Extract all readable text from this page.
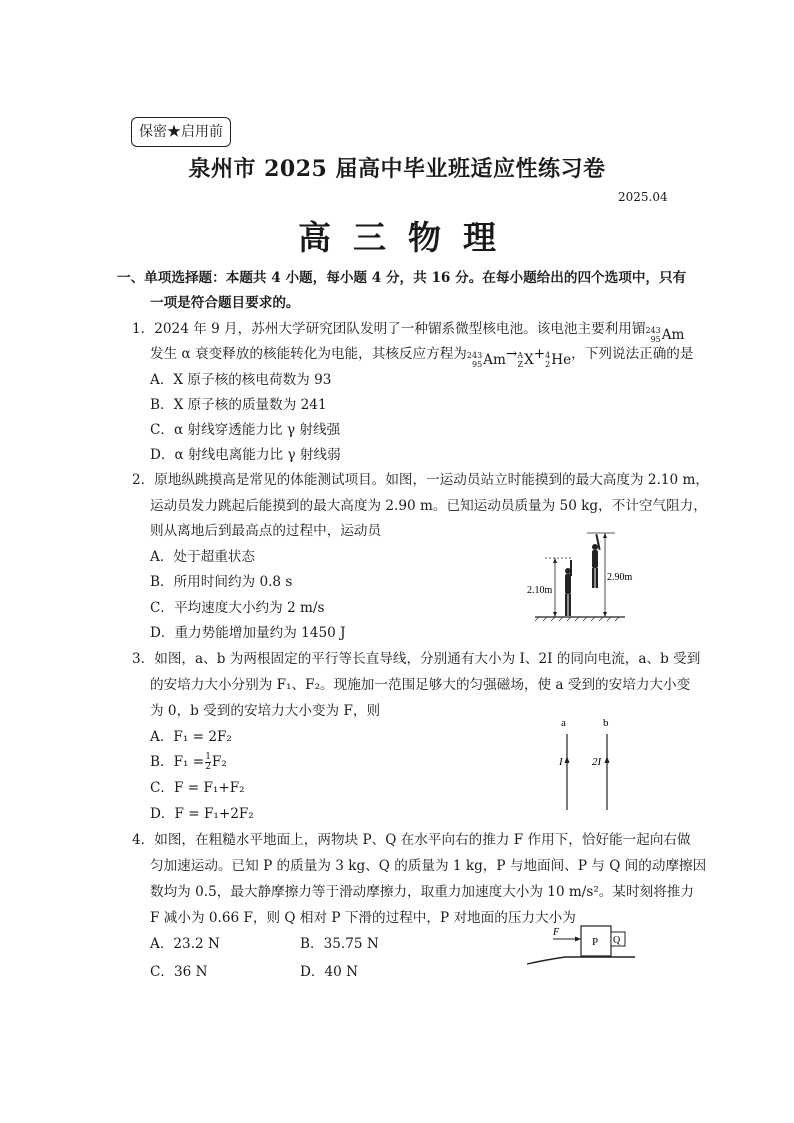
保密★启用前
泉州市 2025 届高中毕业班适应性练习卷
2025.04
高三物理
一、单项选择题：本题共 4 小题，每小题 4 分，共 16 分。在每小题给出的四个选项中，只有
一项是符合题目要求的。
1．2024 年 9 月，苏州大学研究团队发明了一种镅系微型核电池。该电池主要利用镅 243
95 Am
发生 α 衰变释放的核能转化为电能，其核反应方程为 243
95 Am → A
Z X + 4
2 He ，下列说法正确的是
A．X 原子核的核电荷数为 93
B．X 原子核的质量数为 241
C．α 射线穿透能力比 γ 射线强
D．α 射线电离能力比 γ 射线弱
2．原地纵跳摸高是常见的体能测试项目。如图，一运动员站立时能摸到的最大高度为 2.10 m，
运动员发力跳起后能摸到的最大高度为 2.90 m。已知运动员质量为 50 kg，不计空气阻力，
则从离地后到最高点的过程中，运动员
A．处于超重状态
B．所用时间约为 0.8 s
C．平均速度大小约为 2 m/s
D．重力势能增加量约为 1450 J
2.10m
2.90m
3．如图，a、b 为两根固定的平行等长直导线，分别通有大小为 I、2I 的同向电流，a、b 受到
的安培力大小分别为 F₁、F₂。现施加一范围足够大的匀强磁场，使 a 受到的安培力大小变
为 0，b 受到的安培力大小变为 F，则
A．F₁ = 2F₂
B．$F_1 = \frac{1}{2} F_2$
C．F = F₁+F₂
D．F = F₁+2F₂
a	b
I	2I
4．如图，在粗糙水平地面上，两物块 P、Q 在水平向右的推力 F 作用下，恰好能一起向右做
匀加速运动。已知 P 的质量为 3 kg、Q 的质量为 1 kg，P 与地面间、P 与 Q 间的动摩擦因
数均为 0.5，最大静摩擦力等于滑动摩擦力，取重力加速度大小为 10 m/s²。某时刻将推力
F 减小为 0.66 F，则 Q 相对 P 下滑的过程中，P 对地面的压力大小为
A．23.2 N	B．35.75 N
C．36 N	D．40 N
F
P Q
